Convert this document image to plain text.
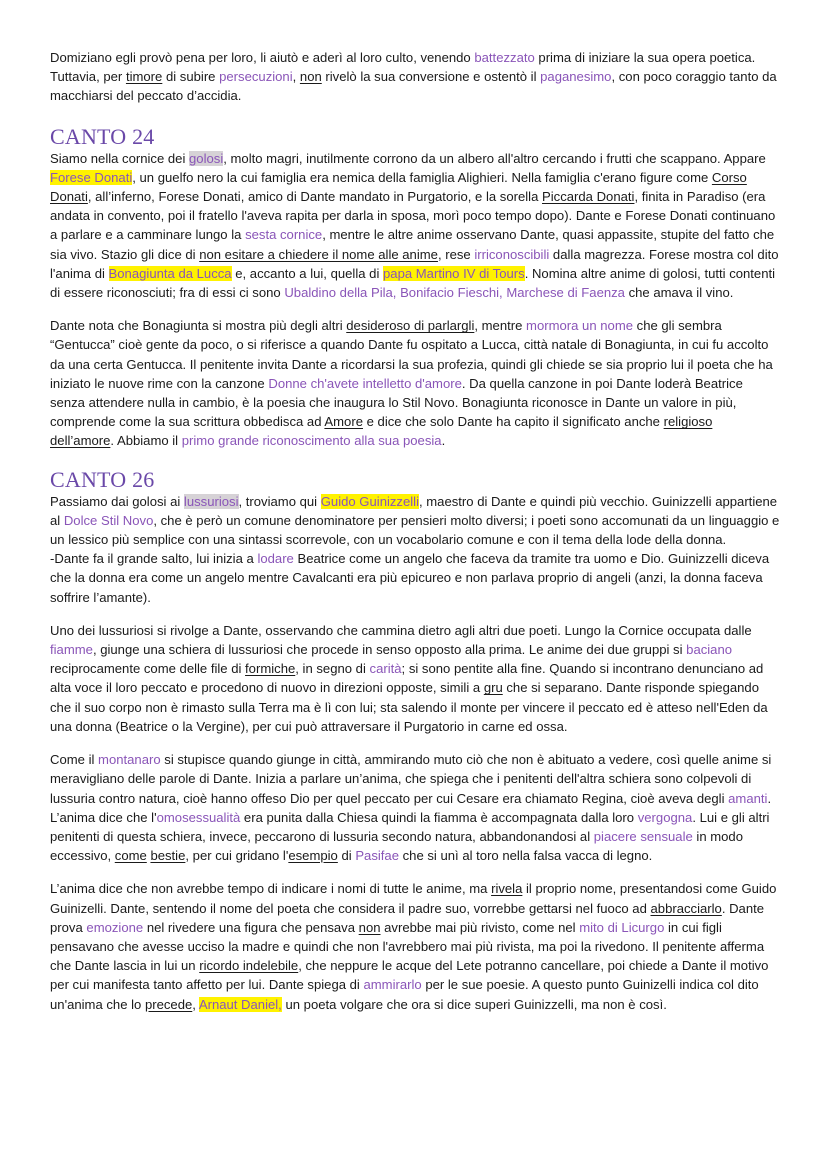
Domiziano egli provò pena per loro, li aiutò e aderì al loro culto, venendo battezzato prima di iniziare la sua opera poetica. Tuttavia, per timore di subire persecuzioni, non rivelò la sua conversione e ostentò il paganesimo, con poco coraggio tanto da macchiarsi del peccato d’accidia.

CANTO 24

Siamo nella cornice dei golosi, molto magri, inutilmente corrono da un albero all'altro cercando i frutti che scappano. Appare Forese Donati, un guelfo nero la cui famiglia era nemica della famiglia Alighieri. Nella famiglia c'erano figure come Corso Donati, all’inferno, Forese Donati, amico di Dante mandato in Purgatorio, e la sorella Piccarda Donati, finita in Paradiso (era andata in convento, poi il fratello l'aveva rapita per darla in sposa, morì poco tempo dopo). Dante e Forese Donati continuano a parlare e a camminare lungo la sesta cornice, mentre le altre anime osservano Dante, quasi appassite, stupite del fatto che sia vivo. Stazio gli dice di non esitare a chiedere il nome alle anime, rese irriconoscibili dalla magrezza. Forese mostra col dito l'anima di Bonagiunta da Lucca e, accanto a lui, quella di papa Martino IV di Tours. Nomina altre anime di golosi, tutti contenti di essere riconosciuti; fra di essi ci sono Ubaldino della Pila, Bonifacio Fieschi, Marchese di Faenza che amava il vino.

Dante nota che Bonagiunta si mostra più degli altri desideroso di parlargli, mentre mormora un nome che gli sembra “Gentucca” cioè gente da poco, o si riferisce a quando Dante fu ospitato a Lucca, città natale di Bonagiunta, in cui fu accolto da una certa Gentucca. Il penitente invita Dante a ricordarsi la sua profezia, quindi gli chiede se sia proprio lui il poeta che ha iniziato le nuove rime con la canzone Donne ch'avete intelletto d'amore. Da quella canzone in poi Dante loderà Beatrice senza attendere nulla in cambio, è la poesia che inaugura lo Stil Novo. Bonagiunta riconosce in Dante un valore in più, comprende come la sua scrittura obbedisca ad Amore e dice che solo Dante ha capito il significato anche religioso dell’amore. Abbiamo il primo grande riconoscimento alla sua poesia.

CANTO 26

Passiamo dai golosi ai lussuriosi, troviamo qui Guido Guinizzelli, maestro di Dante e quindi più vecchio. Guinizzelli appartiene al Dolce Stil Novo, che è però un comune denominatore per pensieri molto diversi; i poeti sono accomunati da un linguaggio e un lessico più semplice con una sintassi scorrevole, con un vocabolario comune e con il tema della lode della donna.

-Dante fa il grande salto, lui inizia a lodare Beatrice come un angelo che faceva da tramite tra uomo e Dio. Guinizzelli diceva che la donna era come un angelo mentre Cavalcanti era più epicureo e non parlava proprio di angeli (anzi, la donna faceva soffrire l’amante).

Uno dei lussuriosi si rivolge a Dante, osservando che cammina dietro agli altri due poeti. Lungo la Cornice occupata dalle fiamme, giunge una schiera di lussuriosi che procede in senso opposto alla prima. Le anime dei due gruppi si baciano reciprocamente come delle file di formiche, in segno di carità; si sono pentite alla fine. Quando si incontrano denunciano ad alta voce il loro peccato e procedono di nuovo in direzioni opposte, simili a gru che si separano. Dante risponde spiegando che il suo corpo non è rimasto sulla Terra ma è lì con lui; sta salendo il monte per vincere il peccato ed è atteso nell'Eden da una donna (Beatrice o la Vergine), per cui può attraversare il Purgatorio in carne ed ossa.

Come il montanaro si stupisce quando giunge in città, ammirando muto ciò che non è abituato a vedere, così quelle anime si meravigliano delle parole di Dante. Inizia a parlare un’anima, che spiega che i penitenti dell'altra schiera sono colpevoli di lussuria contro natura, cioè hanno offeso Dio per quel peccato per cui Cesare era chiamato Regina, cioè aveva degli amanti. L’anima dice che l'omosessualità era punita dalla Chiesa quindi la fiamma è accompagnata dalla loro vergogna. Lui e gli altri penitenti di questa schiera, invece, peccarono di lussuria secondo natura, abbandonandosi al piacere sensuale in modo eccessivo, come bestie, per cui gridano l'esempio di Pasifae che si unì al toro nella falsa vacca di legno.

L’anima dice che non avrebbe tempo di indicare i nomi di tutte le anime, ma rivela il proprio nome, presentandosi come Guido Guinizelli. Dante, sentendo il nome del poeta che considera il padre suo, vorrebbe gettarsi nel fuoco ad abbracciarlo. Dante prova emozione nel rivedere una figura che pensava non avrebbe mai più rivisto, come nel mito di Licurgo in cui figli pensavano che avesse ucciso la madre e quindi che non l'avrebbero mai più rivista, ma poi la rivedono. Il penitente afferma che Dante lascia in lui un ricordo indelebile, che neppure le acque del Lete potranno cancellare, poi chiede a Dante il motivo per cui manifesta tanto affetto per lui. Dante spiega di ammirarlo per le sue poesie. A questo punto Guinizelli indica col dito un'anima che lo precede, Arnaut Daniel, un poeta volgare che ora si dice superi Guinizzelli, ma non è così.
